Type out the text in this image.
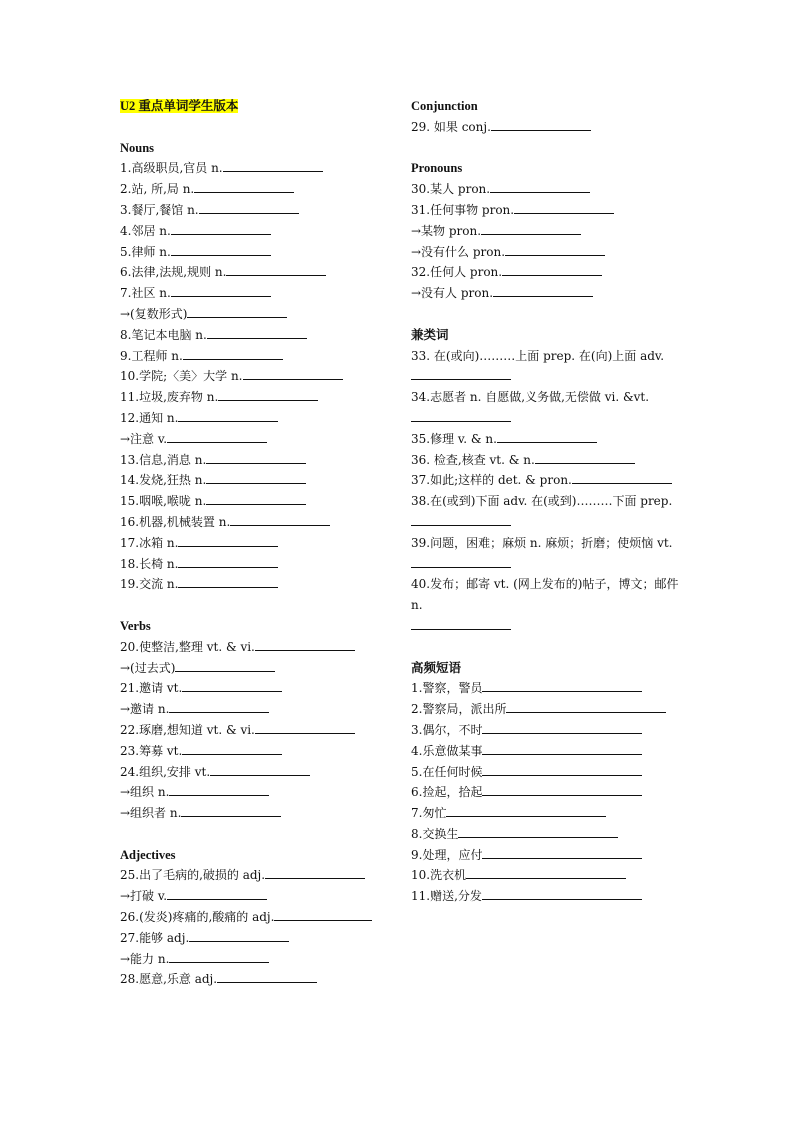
U2 重点单词学生版本
Nouns
1.高级职员,官员 n.
2.站, 所,局 n.
3.餐厅,餐馆 n.
4.邻居 n.
5.律师 n.
6.法律,法规,规则 n.
7.社区 n.
→(复数形式)
8.笔记本电脑 n.
9.工程师 n.
10.学院;〈美〉大学 n.
11.垃圾,废弃物 n.
12.通知 n.
→注意 v.
13.信息,消息 n.
14.发烧,狂热 n.
15.咽喉,喉咙 n.
16.机器,机械装置 n.
17.冰箱 n.
18.长椅 n.
19.交流 n.
Verbs
20.使整洁,整理 vt. & vi.
→(过去式)
21.邀请 vt.
→邀请 n.
22.琢磨,想知道 vt. & vi.
23.筹募 vt.
24.组织,安排 vt.
→组织 n.
→组织者 n.
Adjectives
25.出了毛病的,破损的 adj.
→打破 v.
26.(发炎)疼痛的,酸痛的 adj.
27.能够 adj.
→能力 n.
28.愿意,乐意 adj.
Conjunction
29. 如果 conj.
Pronouns
30.某人 pron.
31.任何事物 pron.
→某物 pron.
→没有什么 pron.
32.任何人 pron.
→没有人 pron.
兼类词
33. 在(或向)………上面 prep. 在(向)上面 adv.
34.志愿者 n. 自愿做,义务做,无偿做 vi. &vt.
35.修理 v. & n.
36. 检查,核查 vt. & n.
37.如此;这样的 det. & pron.
38.在(或到)下面 adv. 在(或到)………下面 prep.
39.问题，困难；麻烦 n. 麻烦；折磨；使烦恼 vt.
40.发布；邮寄 vt. (网上发布的)帖子，博文；邮件 n.
高频短语
1.警察，警员
2.警察局，派出所
3.偶尔，不时
4.乐意做某事
5.在任何时候
6.捡起，拾起
7.匆忙
8.交换生
9.处理，应付
10.洗衣机
11.赠送,分发
